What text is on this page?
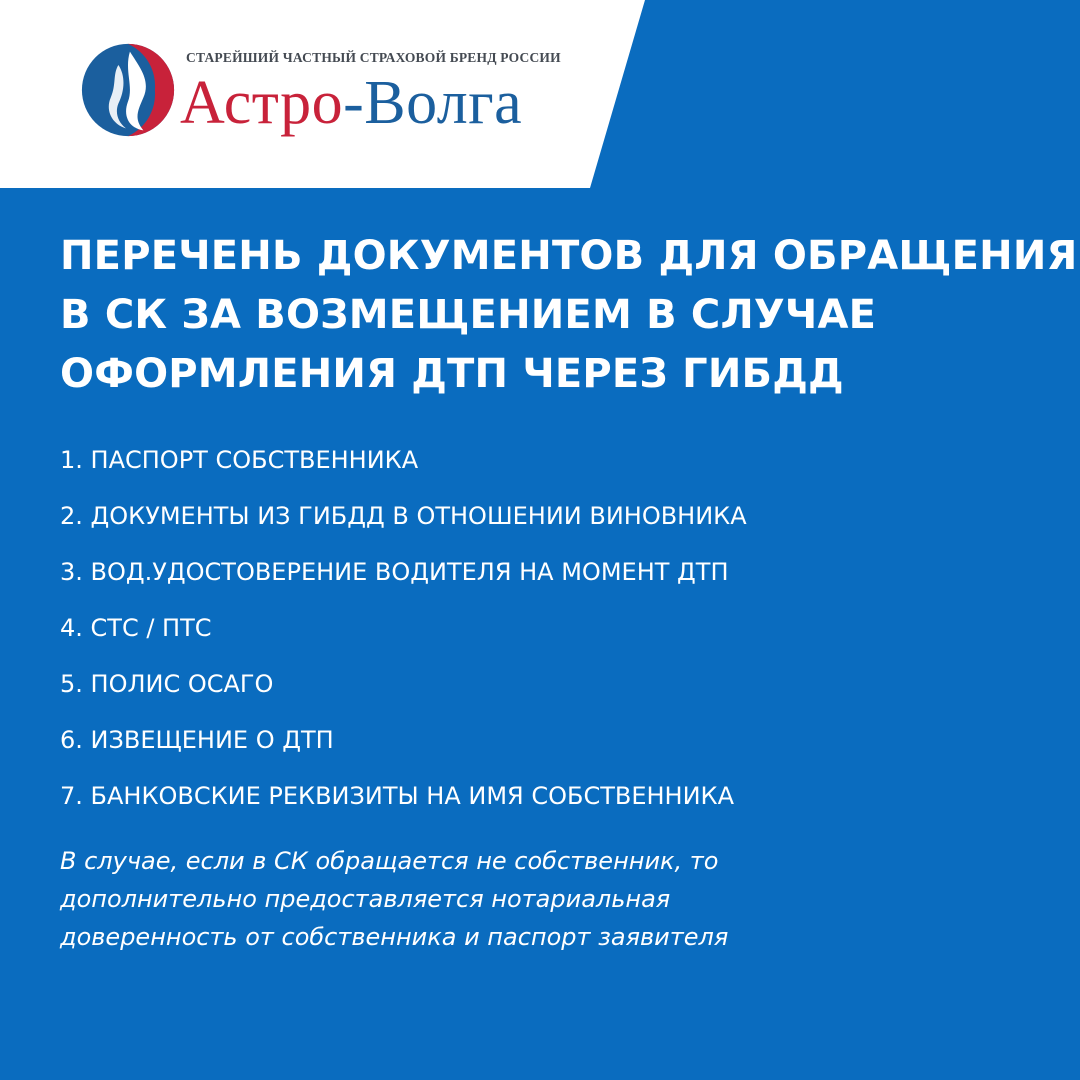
СТАРЕЙШИЙ ЧАСТНЫЙ СТРАХОВОЙ БРЕНД РОССИИ
Астро-Волга
ПЕРЕЧЕНЬ ДОКУМЕНТОВ ДЛЯ ОБРАЩЕНИЯ
В СК ЗА ВОЗМЕЩЕНИЕМ В СЛУЧАЕ
ОФОРМЛЕНИЯ ДТП ЧЕРЕЗ ГИБДД
1. ПАСПОРТ СОБСТВЕННИКА
2. ДОКУМЕНТЫ ИЗ ГИБДД В ОТНОШЕНИИ ВИНОВНИКА
3. ВОД.УДОСТОВЕРЕНИЕ ВОДИТЕЛЯ НА МОМЕНТ ДТП
4. СТС / ПТС
5. ПОЛИС ОСАГО
6. ИЗВЕЩЕНИЕ О ДТП
7. БАНКОВСКИЕ РЕКВИЗИТЫ НА ИМЯ СОБСТВЕННИКА

В случае, если в СК обращается не собственник, то
дополнительно предоставляется нотариальная
доверенность от собственника и паспорт заявителя
